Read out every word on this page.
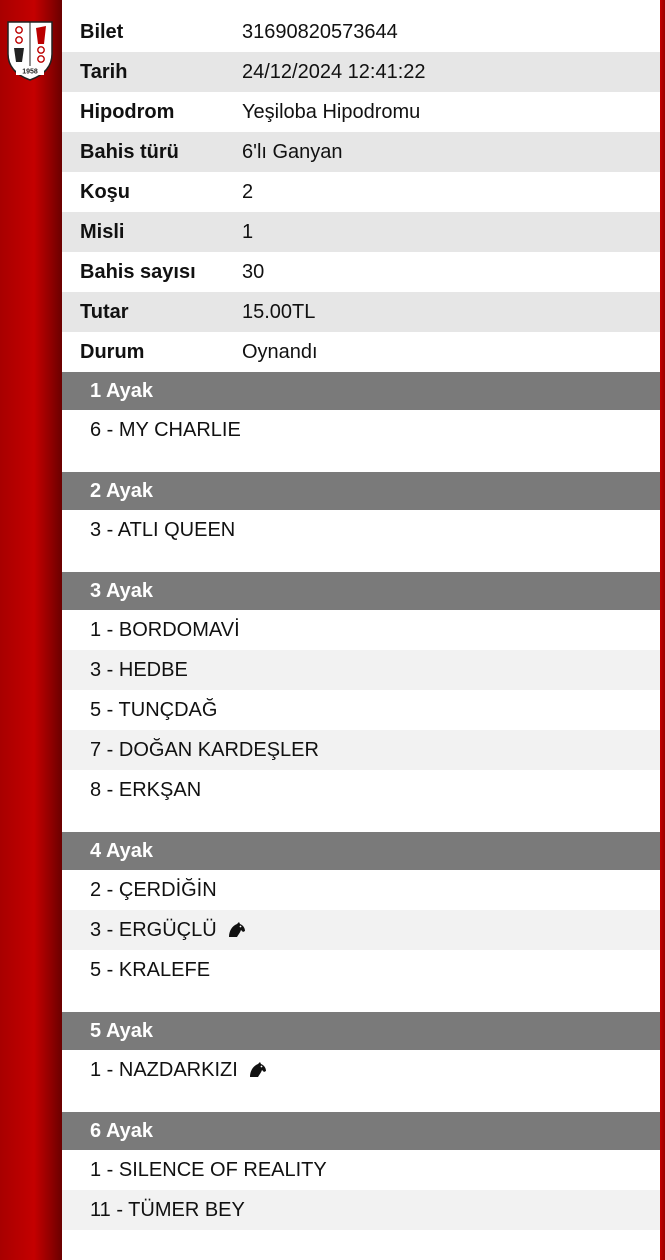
1958
Bilet	31690820573644
Tarih	24/12/2024 12:41:22
Hipodrom	Yeşiloba Hipodromu
Bahis türü	6'lı Ganyan
Koşu	2
Misli	1
Bahis sayısı	30
Tutar	15.00TL
Durum	Oynandı
1 Ayak
6 - MY CHARLIE
2 Ayak
3 - ATLI QUEEN
3 Ayak
1 - BORDOMAVİ
3 - HEDBE
5 - TUNÇDAĞ
7 - DOĞAN KARDEŞLER
8 - ERKŞAN
4 Ayak
2 - ÇERDİĞİN
3 - ERGÜÇLÜ
5 - KRALEFE
5 Ayak
1 - NAZDARKIZI
6 Ayak
1 - SILENCE OF REALITY
11 - TÜMER BEY
